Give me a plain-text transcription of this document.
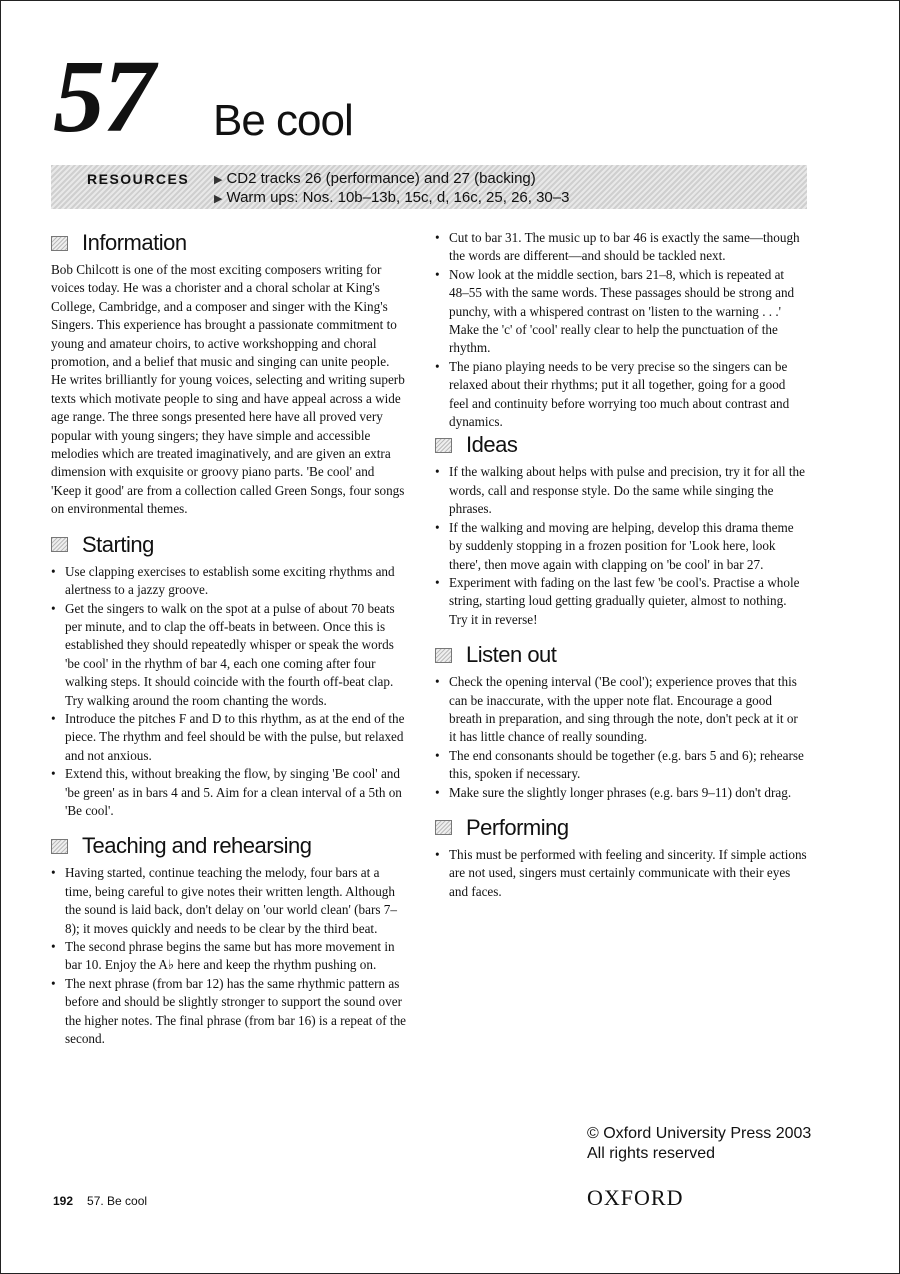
57 Be cool
RESOURCES ▶ CD2 tracks 26 (performance) and 27 (backing)
▶ Warm ups: Nos. 10b–13b, 15c, d, 16c, 25, 26, 30–3
Information

Bob Chilcott is one of the most exciting composers writing for voices today. He was a chorister and a choral scholar at King's College, Cambridge, and a composer and singer with the King's Singers. This experience has brought a passionate commitment to young and amateur choirs, to active workshopping and choral promotion, and a belief that music and singing can unite people. He writes brilliantly for young voices, selecting and writing superb texts which motivate people to sing and have appeal across a wide age range. The three songs presented here have all proved very popular with young singers; they have simple and accessible melodies which are treated imaginatively, and are given an extra dimension with exquisite or groovy piano parts. 'Be cool' and 'Keep it good' are from a collection called Green Songs, four songs on environmental themes.

Starting
• Use clapping exercises to establish some exciting rhythms and alertness to a jazzy groove.
• Get the singers to walk on the spot at a pulse of about 70 beats per minute, and to clap the off-beats in between. Once this is established they should repeatedly whisper or speak the words 'be cool' in the rhythm of bar 4, each one coming after four walking steps. It should coincide with the fourth off-beat clap. Try walking around the room chanting the words.
• Introduce the pitches F and D to this rhythm, as at the end of the piece. The rhythm and feel should be with the pulse, but relaxed and not anxious.
• Extend this, without breaking the flow, by singing 'Be cool' and 'be green' as in bars 4 and 5. Aim for a clean interval of a 5th on 'Be cool'.
Teaching and rehearsing
• Having started, continue teaching the melody, four bars at a time, being careful to give notes their written length. Although the sound is laid back, don't delay on 'our world clean' (bars 7–8); it moves quickly and needs to be clear by the third beat.
• The second phrase begins the same but has more movement in bar 10. Enjoy the A♭ here and keep the rhythm pushing on.
• The next phrase (from bar 12) has the same rhythmic pattern as before and should be slightly stronger to support the sound over the higher notes. The final phrase (from bar 16) is a repeat of the second.
• Cut to bar 31. The music up to bar 46 is exactly the same—though the words are different—and should be tackled next.
• Now look at the middle section, bars 21–8, which is repeated at 48–55 with the same words. These passages should be strong and punchy, with a whispered contrast on 'listen to the warning . . .' Make the 'c' of 'cool' really clear to help the punctuation of the rhythm.
• The piano playing needs to be very precise so the singers can be relaxed about their rhythms; put it all together, going for a good feel and continuity before worrying too much about contrast and dynamics.
Ideas
• If the walking about helps with pulse and precision, try it for all the words, call and response style. Do the same while singing the phrases.
• If the walking and moving are helping, develop this drama theme by suddenly stopping in a frozen position for 'Look here, look there', then move again with clapping on 'be cool' in bar 27.
• Experiment with fading on the last few 'be cool's. Practise a whole string, starting loud getting gradually quieter, almost to nothing. Try it in reverse!
Listen out
• Check the opening interval ('Be cool'); experience proves that this can be inaccurate, with the upper note flat. Encourage a good breath in preparation, and sing through the note, don't peck at it or it has little chance of really sounding.
• The end consonants should be together (e.g. bars 5 and 6); rehearse this, spoken if necessary.
• Make sure the slightly longer phrases (e.g. bars 9–11) don't drag.
Performing
• This must be performed with feeling and sincerity. If simple actions are not used, singers must certainly communicate with their eyes and faces.
© Oxford University Press 2003
All rights reserved
192 57. Be cool	OXFORD
